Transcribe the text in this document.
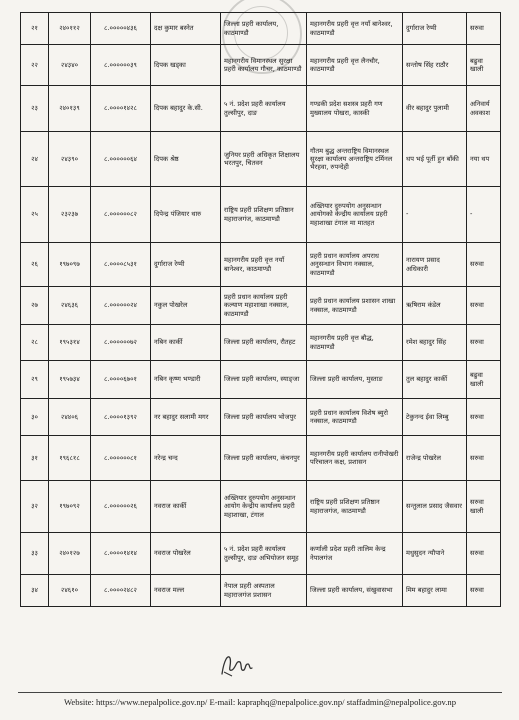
२१	२४०११२	८.०००००४३६	दक्ष कुमार बस्नेत	जिल्ला प्रहरी कार्यालय, काठमाण्डौ	महानगरीय प्रहरी वृत्त नयाँ बानेश्वर, काठमाण्डौ	दुर्गाराज रेग्मी	सरुवा
२२	२४३४०	८.००००००३९	दिपक खड्का	महानगरीय विमानस्थल सुरक्षा प्रहरी कार्यालय गौचर, काठमाण्डौ	महानगरीय प्रहरी वृत्त लैनचौर, काठमाण्डौ	सन्तोष सिंह राठौर	बढुवा खाली
२३	२४०१३९	८.००००१४२८	दिपक बहादुर के.सी.	५ नं. प्रदेश प्रहरी कार्यालय तुल्सीपुर, दाङ	गण्डकी प्रदेश सशस्त्र प्रहरी गण मुख्यालय पोखरा, कास्की	वीर बहादुर पुलामी	अनिवार्य अवकाश
२४	२४३९०	८.००००००६४	दिपक श्रेष्ठ	जुनियर प्रहरी अधिकृत शिक्षालय भरतपुर, चितवन	गौतम बुद्ध अन्तराष्ट्रिय विमानस्थल सुरक्षा कार्यालय अन्तराष्ट्रिय टर्मिनल भैरहवा, रुपन्देही	थप भई पूर्ती हुन बाँकी	नया थप
२५	२३२३७	८.००००००८२	दिपेन्द्र पंजियार थारु	राष्ट्रिय प्रहरी प्रशिक्षण प्रतिष्ठान महाराजगंज, काठमाण्डौ	अख्तियार दुरुपयोग अनुसन्धान आयोगको केन्द्रीय कार्यालय प्रहरी महाशाखा टंगाल मा मातहत	-	-
२६	१९७०९७	८.००००८५३१	दुर्गाराज रेग्मी	महानगरीय प्रहरी वृत्त नयाँ बानेश्वर, काठमाण्डौ	प्रहरी प्रधान कार्यालय अपराध अनुसन्धान विभाग नक्साल, काठमाण्डौ	नारायण प्रसाद अधिकारी	सरुवा
२७	२४६३६	८.००००००२४	नकुल पोखरेल	प्रहरी प्रधान कार्यालय प्रहरी कल्याण महाशाखा नक्साल, काठमाण्डौ	प्रहरी प्रधान कार्यालय प्रशासन शाखा नक्साल, काठमाण्डौ	ऋषिराम कंडेल	सरुवा
२८	१९५३१४	८.००००००७२	नबिन कार्की	जिल्ला प्रहरी कार्यालय, रौतहट	महानगरीय प्रहरी वृत्त बौद्ध, काठमाण्डौ	रमेश बहादुर सिंह	सरुवा
२९	१९५७३४	८.००००६७०१	नबिन कृष्ण भण्डारी	जिल्ला प्रहरी कार्यालय, स्याङ्जा	जिल्ला प्रहरी कार्यालय, मुस्ताङ	तुल बहादुर कार्की	बढुवा खाली
३०	२४४०६	८.००००१३९२	नर बहादुर सलामी मगर	जिल्ला प्रहरी कार्यालय भोजपुर	प्रहरी प्रधान कार्यालय विशेष ब्युरो नक्साल, काठमाण्डौ	टेकुनन्द ईवा लिम्बु	सरुवा
३१	१९६८१८	८.००००००८१	नरेन्द्र चन्द	जिल्ला प्रहरी कार्यालय, कंचनपुर	महानगरीय प्रहरी कार्यालय रानीपोखरी परिचालन कक्ष, प्रशासन	राजेन्द्र पोखरेल	सरुवा
३२	१९७०९२	८.००००००२६	नवराज कार्की	अख्तियार दुरुपयोग अनुसन्धान आयोग केन्द्रीय कार्यालय प्रहरी महाशाखा, टंगाल	राष्ट्रिय प्रहरी प्रशिक्षण प्रतिष्ठान महाराजगंज, काठमाण्डौ	सन्तुलाल प्रसाद जैसवार	सरुवा खाली
३३	२४०१२७	८.००००१४१४	नवराज पोखरेल	५ नं. प्रदेश प्रहरी कार्यालय तुल्सीपुर, दाङ अभियोजन समूह	कर्णाली प्रदेश प्रहरी तालिम केन्द्र नेपालगंज	मधुसुदन न्यौपाने	सरुवा
३४	२४६१०	८.००००२४८२	नवराज मल्ल	नेपाल प्रहरी अस्पताल महाराजगंज प्रशासन	जिल्ला प्रहरी कार्यालय, संखुवासभा	मिम बहादुर लामा	सरुवा
Website: https://www.nepalpolice.gov.np/ E-mail: kapraphq@nepalpolice.gov.np/ staffadmin@nepalpolice.gov.np
